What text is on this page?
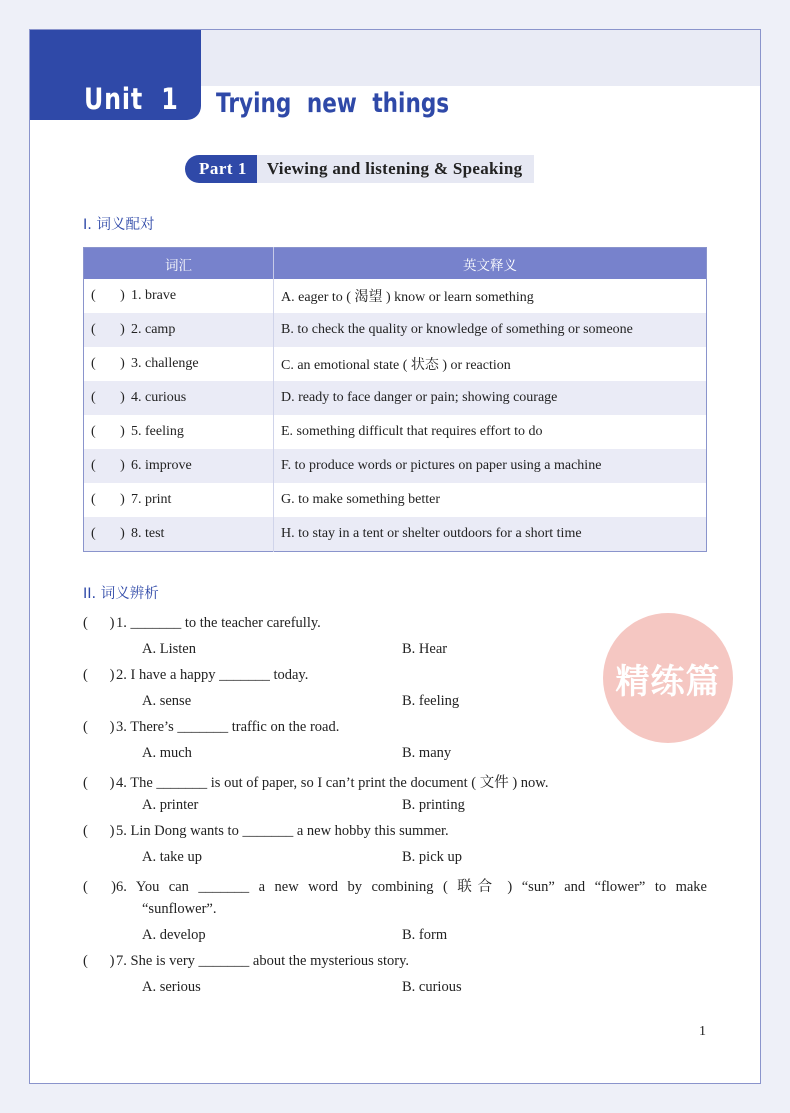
Unit  1 Trying new things
Part 1	Viewing and listening & Speaking
I. 词义配对
词汇	英文释义
(       ) 1. brave	A. eager to ( 渴望 ) know or learn something
(       ) 2. camp	B. to check the quality or knowledge of something or someone
(       ) 3. challenge	C. an emotional state ( 状态 ) or reaction
(       ) 4. curious	D. ready to face danger or pain; showing courage
(       ) 5. feeling	E. something difficult that requires effort to do
(       ) 6. improve	F. to produce words or pictures on paper using a machine
(       ) 7. print	G. to make something better
(       ) 8. test	H. to stay in a tent or shelter outdoors for a short time
II. 词义辨析
(      ) 1. _______ to the teacher carefully.
A. Listen	B. Hear
(      ) 2. I have a happy _______ today.
A. sense	B. feeling
(      ) 3. There’s _______ traffic on the road.
A. much	B. many
(      ) 4. The _______ is out of paper, so I can’t print the document ( 文件 ) now.
A. printer	B. printing
(      ) 5. Lin Dong wants to _______ a new hobby this summer.
A. take up	B. pick up
(      )6. You can _______ a new word by combining ( 联合 ) “sun” and “flower” to make
“sunflower”.
A. develop	B. form
(      ) 7. She is very _______ about the mysterious story.
A. serious	B. curious
精练篇
1
